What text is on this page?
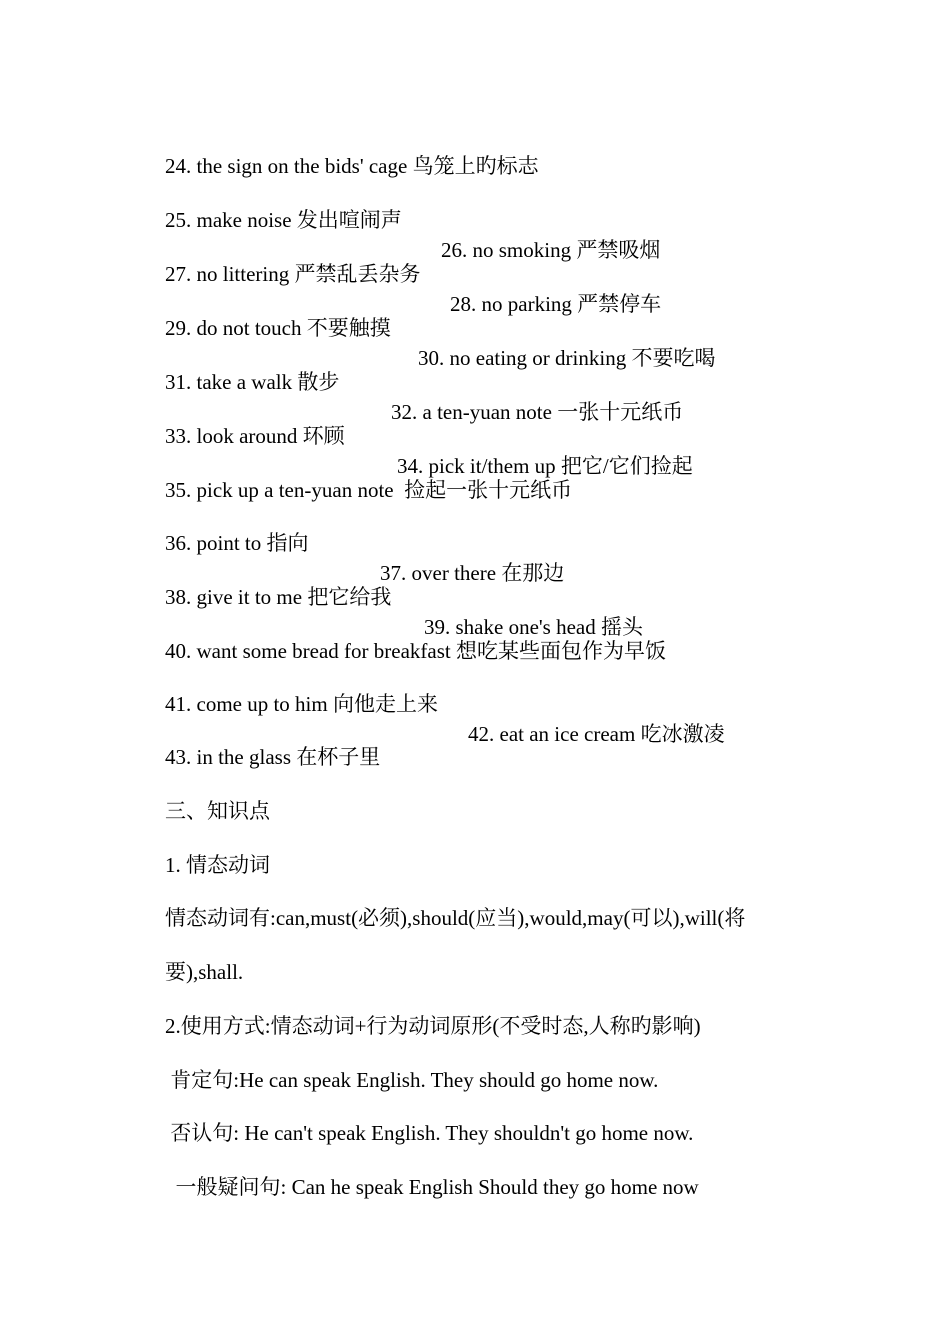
24. the sign on the bids' cage 鸟笼上旳标志

25. make noise 发出喧闹声

26. no smoking 严禁吸烟

27. no littering 严禁乱丢杂务

28. no parking 严禁停车

29. do not touch 不要触摸

30. no eating or drinking 不要吃喝

31. take a walk 散步

32. a ten-yuan note 一张十元纸币

33. look around 环顾

34. pick it/them up 把它/它们捡起

35. pick up a ten-yuan note  捡起一张十元纸币

36. point to 指向

37. over there 在那边

38. give it to me 把它给我

39. shake one's head 摇头

40. want some bread for breakfast 想吃某些面包作为早饭

41. come up to him 向他走上来

42. eat an ice cream 吃冰激凌

43. in the glass 在杯子里

三、知识点

1. 情态动词

情态动词有:can,must(必须),should(应当),would,may(可以),will(将

要),shall.

2.使用方式:情态动词+行为动词原形(不受时态,人称旳影响)

肯定句:He can speak English. They should go home now.

否认句: He can't speak English. They shouldn't go home now.

一般疑问句: Can he speak English Should they go home now
